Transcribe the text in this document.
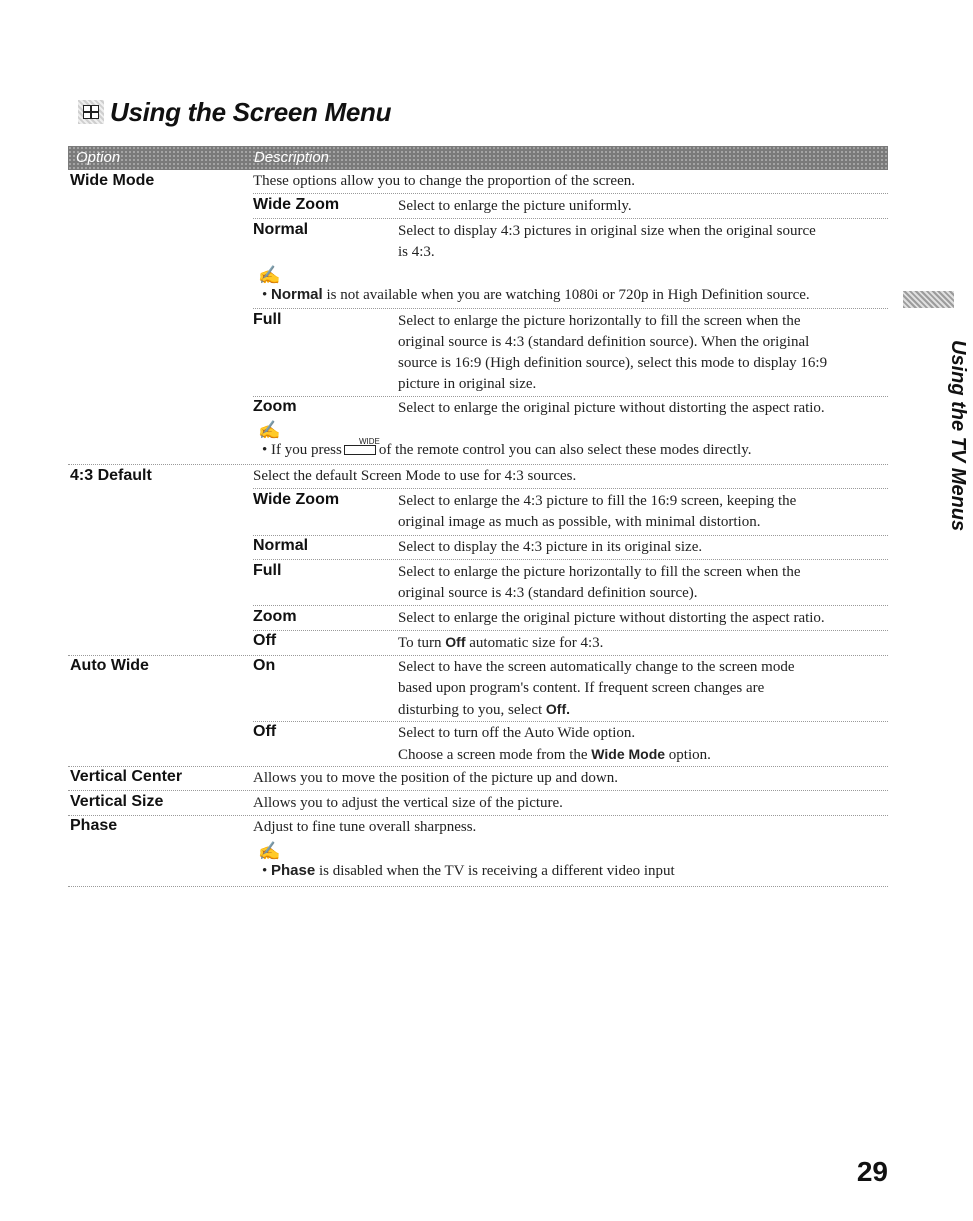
Using the Screen Menu
Option	Description
Wide Mode	These options allow you to change the proportion of the screen.
Wide Zoom	Select to enlarge the picture uniformly.
Normal	Select to display 4:3 pictures in original size when the original source
is 4:3.
✍
• Normal is not available when you are watching 1080i or 720p in High Definition source.
Full	Select to enlarge the picture horizontally to fill the screen when the
original source is 4:3 (standard definition source). When the original
source is 16:9 (High definition source), select this mode to display 16:9
picture in original size.
Zoom	Select to enlarge the original picture without distorting the aspect ratio.
✍
WIDE
• If you press of the remote control you can also select these modes directly.
4:3 Default	Select the default Screen Mode to use for 4:3 sources.
Wide Zoom	Select to enlarge the 4:3 picture to fill the 16:9 screen, keeping the
original image as much as possible, with minimal distortion.
Normal	Select to display the 4:3 picture in its original size.
Full	Select to enlarge the picture horizontally to fill the screen when the
original source is 4:3 (standard definition source).
Zoom	Select to enlarge the original picture without distorting the aspect ratio.
Off	To turn Off automatic size for 4:3.
Auto Wide	On	Select to have the screen automatically change to the screen mode
based upon program's content. If frequent screen changes are
disturbing to you, select Off.
Off	Select to turn off the Auto Wide option.
Choose a screen mode from the Wide Mode option.
Vertical Center	Allows you to move the position of the picture up and down.
Vertical Size	Allows you to adjust the vertical size of the picture.
Phase	Adjust to fine tune overall sharpness.
✍
• Phase is disabled when the TV is receiving a different video input
Using the TV Menus
29
